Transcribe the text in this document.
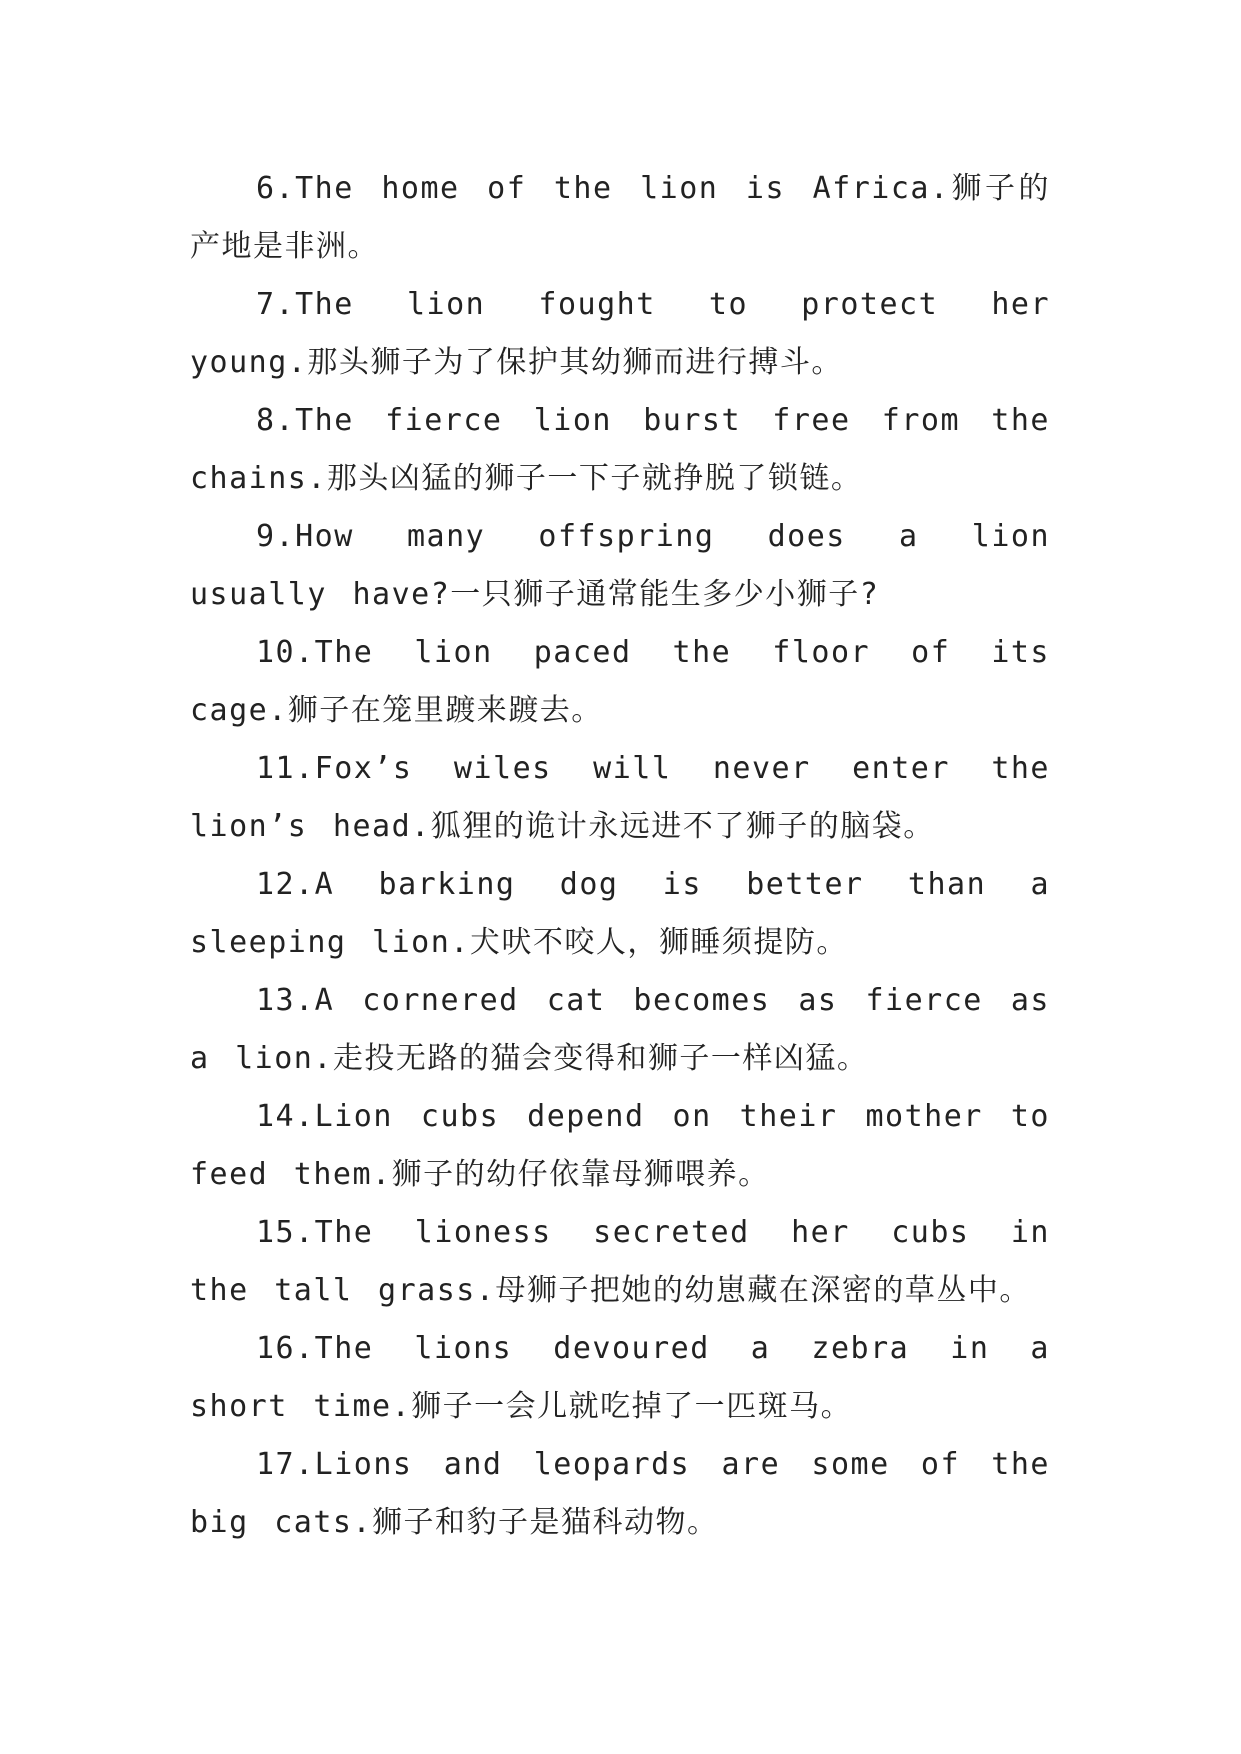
6.The home of the lion is Africa.狮子的产地是非洲。

7.The lion fought to protect her young.那头狮子为了保护其幼狮而进行搏斗。

8.The fierce lion burst free from the chains.那头凶猛的狮子一下子就挣脱了锁链。

9.How many offspring does a lion usually have?一只狮子通常能生多少小狮子?

10.The lion paced the floor of its cage.狮子在笼里踱来踱去。

11.Fox’s wiles will never enter the lion’s head.狐狸的诡计永远进不了狮子的脑袋。

12.A barking dog is better than a sleeping lion.犬吠不咬人，狮睡须提防。

13.A cornered cat becomes as fierce as a lion.走投无路的猫会变得和狮子一样凶猛。

14.Lion cubs depend on their mother to feed them.狮子的幼仔依靠母狮喂养。

15.The lioness secreted her cubs in the tall grass.母狮子把她的幼崽藏在深密的草丛中。

16.The lions devoured a zebra in a short time.狮子一会儿就吃掉了一匹斑马。

17.Lions and leopards are some of the big cats.狮子和豹子是猫科动物。
